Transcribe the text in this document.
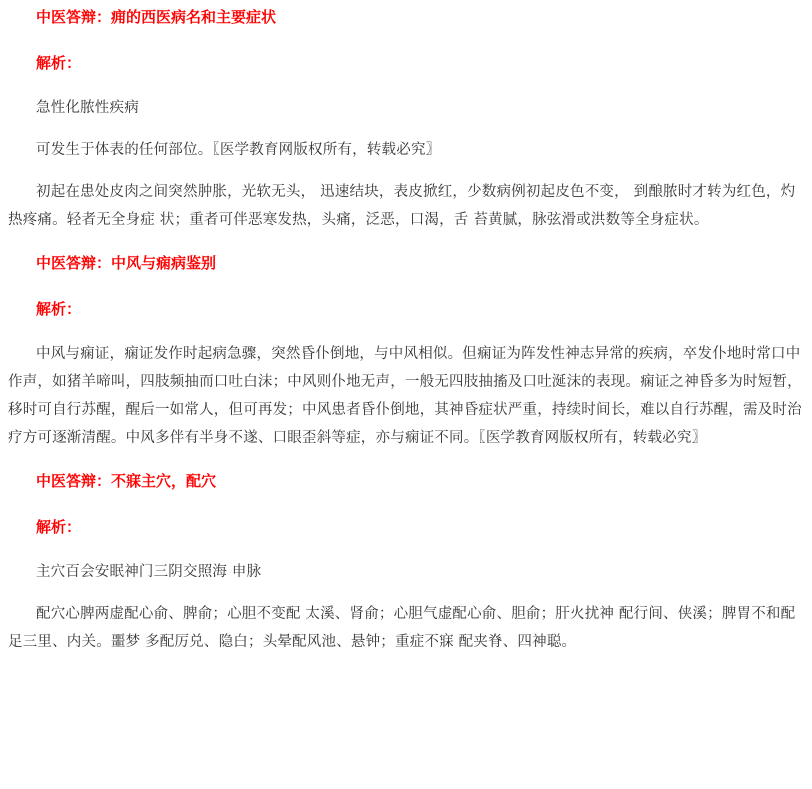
中医答辩：痈的西医病名和主要症状

解析：

急性化脓性疾病

可发生于体表的任何部位。〖医学教育网版权所有，转载必究〗

初起在患处皮肉之间突然肿胀，光软无头， 迅速结块，表皮掀红，少数病例初起皮色不变， 到酿脓时才转为红色，灼热疼痛。轻者无全身症 状；重者可伴恶寒发热，头痛，泛恶，口渴，舌 苔黄腻，脉弦滑或洪数等全身症状。

中医答辩：中风与痫病鉴别

解析：

中风与痫证，痫证发作时起病急骤，突然昏仆倒地，与中风相似。但痫证为阵发性神志异常的疾病，卒发仆地时常口中作声，如猪羊啼叫，四肢频抽而口吐白沫；中风则仆地无声，一般无四肢抽搐及口吐涎沫的表现。痫证之神昏多为时短暂，移时可自行苏醒，醒后一如常人，但可再发；中风患者昏仆倒地，其神昏症状严重，持续时间长，难以自行苏醒，需及时治疗方可逐渐清醒。中风多伴有半身不遂、口眼歪斜等症，亦与痫证不同。〖医学教育网版权所有，转载必究〗

中医答辩：不寐主穴，配穴

解析：

主穴百会安眠神门三阴交照海 申脉

配穴心脾两虚配心俞、脾俞；心胆不变配 太溪、肾俞；心胆气虚配心俞、胆俞；肝火扰神 配行间、侠溪；脾胃不和配足三里、内关。噩梦 多配厉兑、隐白；头晕配风池、悬钟；重症不寐 配夹脊、四神聪。
